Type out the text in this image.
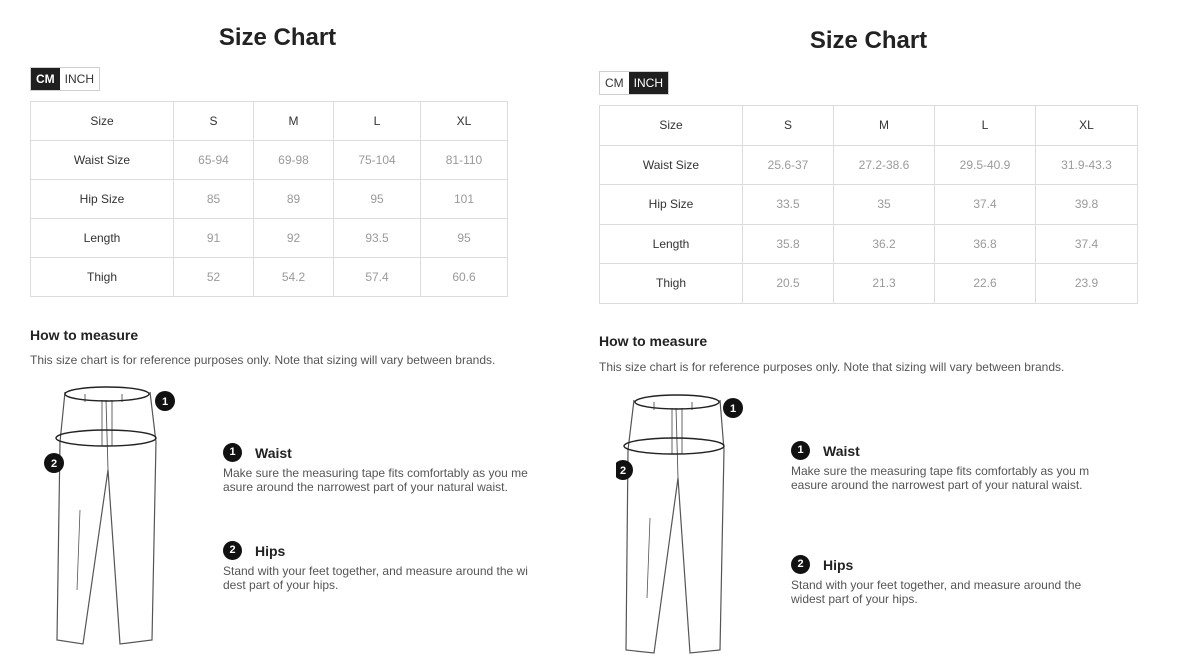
Size Chart
CM INCH
Size	S	M	L	XL
Waist Size	65-94	69-98	75-104	81-110
Hip Size	85	89	95	101
Length	91	92	93.5	95
Thigh	52	54.2	57.4	60.6
How to measure
This size chart is for reference purposes only. Note that sizing will vary between brands.
1
2
1	Waist
Make sure the measuring tape fits comfortably as you measure around the narrowest part of your natural waist.
2	Hips
Stand with your feet together, and measure around the widest part of your hips.
Size Chart
CM INCH
Size	S	M	L	XL
Waist Size	25.6-37	27.2-38.6	29.5-40.9	31.9-43.3
Hip Size	33.5	35	37.4	39.8
Length	35.8	36.2	36.8	37.4
Thigh	20.5	21.3	22.6	23.9
How to measure
This size chart is for reference purposes only. Note that sizing will vary between brands.
1
2
1	Waist
Make sure the measuring tape fits comfortably as you measure around the narrowest part of your natural waist.
2	Hips
Stand with your feet together, and measure around the widest part of your hips.
